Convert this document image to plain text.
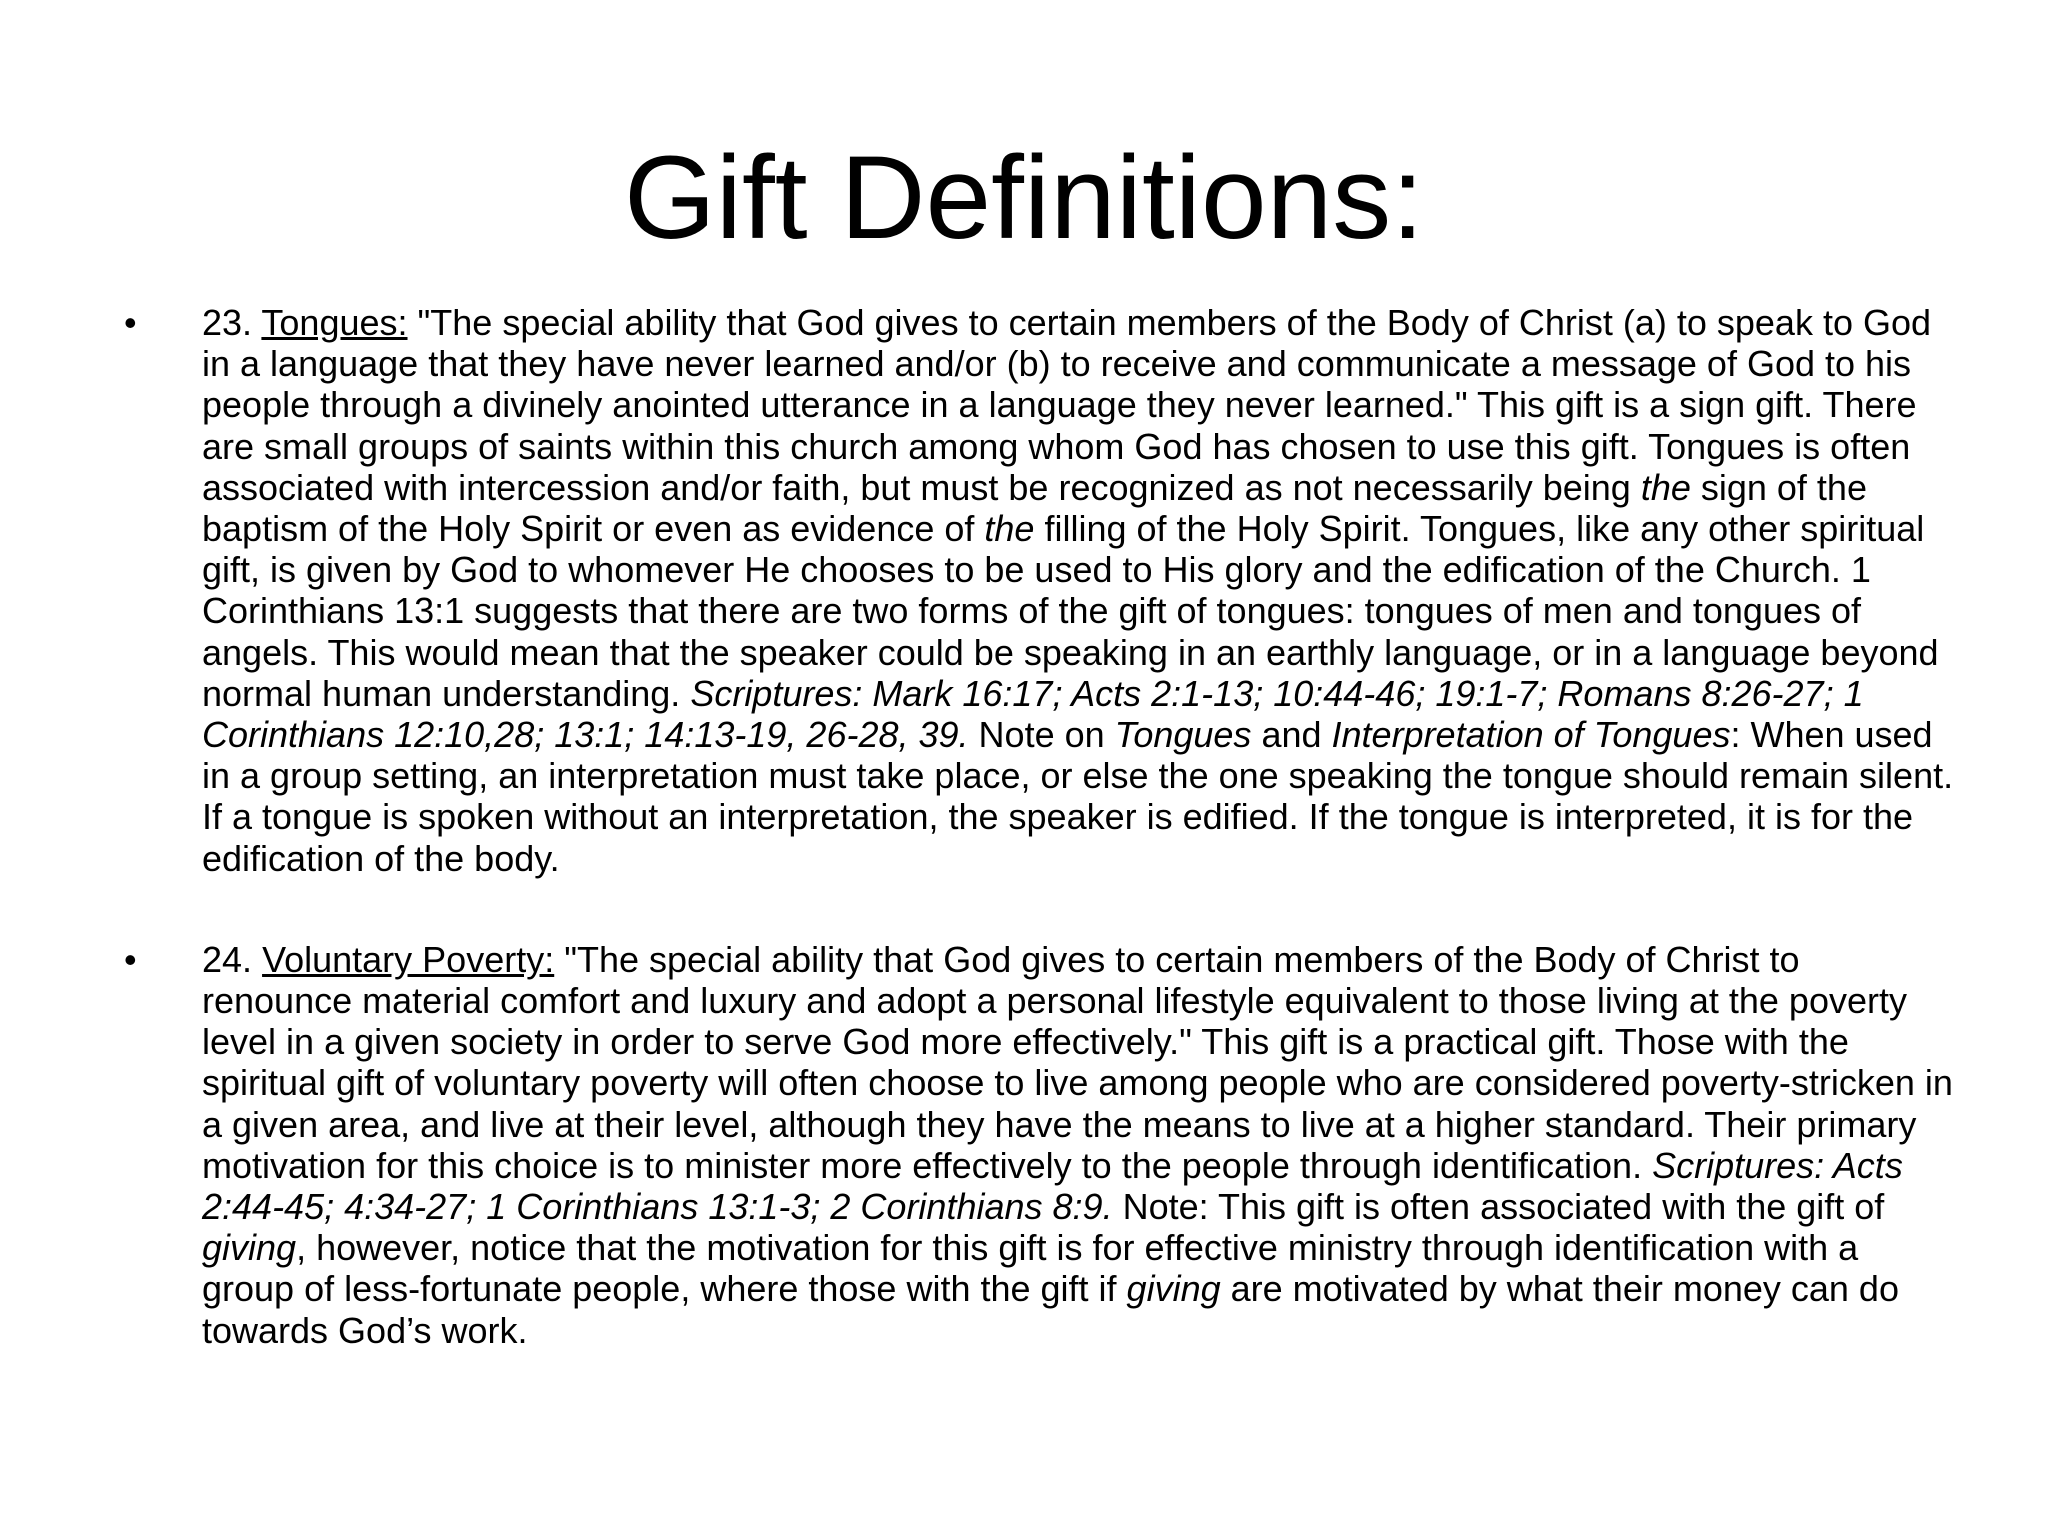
Gift Definitions:
• 23. Tongues: "The special ability that God gives to certain members of the Body of Christ (a) to speak to God in a language that they have never learned and/or (b) to receive and communicate a message of God to his people through a divinely anointed utterance in a language they never learned." This gift is a sign gift. There are small groups of saints within this church among whom God has chosen to use this gift. Tongues is often associated with intercession and/or faith, but must be recognized as not necessarily being the sign of the baptism of the Holy Spirit or even as evidence of the filling of the Holy Spirit. Tongues, like any other spiritual gift, is given by God to whomever He chooses to be used to His glory and the edification of the Church. 1 Corinthians 13:1 suggests that there are two forms of the gift of tongues: tongues of men and tongues of angels. This would mean that the speaker could be speaking in an earthly language, or in a language beyond normal human understanding. Scriptures: Mark 16:17; Acts 2:1-13; 10:44-46; 19:1-7; Romans 8:26-27; 1 Corinthians 12:10,28; 13:1; 14:13-19, 26-28, 39. Note on Tongues and Interpretation of Tongues: When used in a group setting, an interpretation must take place, or else the one speaking the tongue should remain silent. If a tongue is spoken without an interpretation, the speaker is edified. If the tongue is interpreted, it is for the edification of the body.
• 24. Voluntary Poverty: "The special ability that God gives to certain members of the Body of Christ to renounce material comfort and luxury and adopt a personal lifestyle equivalent to those living at the poverty level in a given society in order to serve God more effectively." This gift is a practical gift. Those with the spiritual gift of voluntary poverty will often choose to live among people who are considered poverty-stricken in a given area, and live at their level, although they have the means to live at a higher standard. Their primary motivation for this choice is to minister more effectively to the people through identification. Scriptures: Acts 2:44-45; 4:34-27; 1 Corinthians 13:1-3; 2 Corinthians 8:9. Note: This gift is often associated with the gift of giving, however, notice that the motivation for this gift is for effective ministry through identification with a group of less-fortunate people, where those with the gift if giving are motivated by what their money can do towards God’s work.
